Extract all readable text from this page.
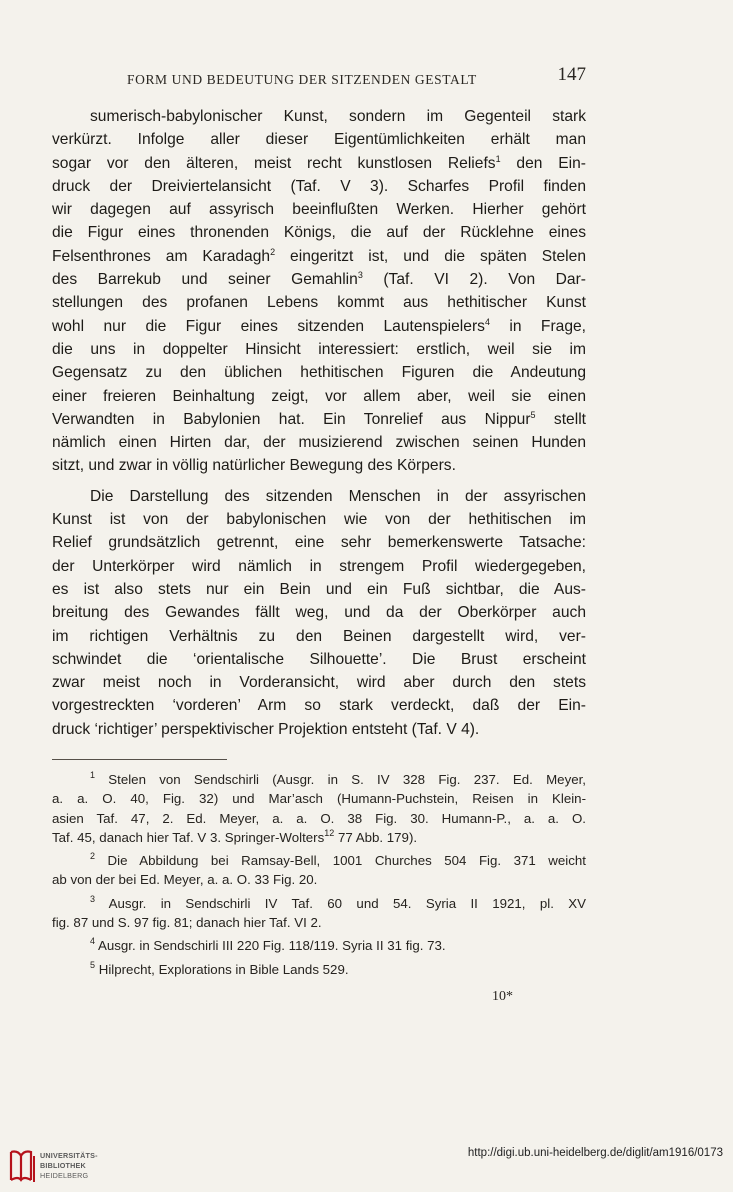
FORM UND BEDEUTUNG DER SITZENDEN GESTALT	147

sumerisch-babylonischer Kunst, sondern im Gegenteil stark
verkürzt. Infolge aller dieser Eigentümlichkeiten erhält man
sogar vor den älteren, meist recht kunstlosen Reliefs$^1$ den Ein-
druck der Dreiviertelansicht (Taf. V 3). Scharfes Profil finden
wir dagegen auf assyrisch beeinflußten Werken. Hierher gehört
die Figur eines thronenden Königs, die auf der Rücklehne eines
Felsenthrones am Karadagh$^2$ eingeritzt ist, und die späten Stelen
des Barrekub und seiner Gemahlin$^3$ (Taf. VI 2). Von Dar-
stellungen des profanen Lebens kommt aus hethitischer Kunst
wohl nur die Figur eines sitzenden Lautenspielers$^4$ in Frage,
die uns in doppelter Hinsicht interessiert: erstlich, weil sie im
Gegensatz zu den üblichen hethitischen Figuren die Andeutung
einer freieren Beinhaltung zeigt, vor allem aber, weil sie einen
Verwandten in Babylonien hat. Ein Tonrelief aus Nippur$^5$ stellt
nämlich einen Hirten dar, der musizierend zwischen seinen Hunden
sitzt, und zwar in völlig natürlicher Bewegung des Körpers.

Die Darstellung des sitzenden Menschen in der assyrischen
Kunst ist von der babylonischen wie von der hethitischen im
Relief grundsätzlich getrennt, eine sehr bemerkenswerte Tatsache:
der Unterkörper wird nämlich in strengem Profil wiedergegeben,
es ist also stets nur ein Bein und ein Fuß sichtbar, die Aus-
breitung des Gewandes fällt weg, und da der Oberkörper auch
im richtigen Verhältnis zu den Beinen dargestellt wird, ver-
schwindet die ‘orientalische Silhouette’. Die Brust erscheint
zwar meist noch in Vorderansicht, wird aber durch den stets
vorgestreckten ‘vorderen’ Arm so stark verdeckt, daß der Ein-
druck ‘richtiger’ perspektivischer Projektion entsteht (Taf. V 4).

$^1$ Stelen von Sendschirli (Ausgr. in S. IV 328 Fig. 237. Ed. Meyer,
a. a. O. 40, Fig. 32) und Mar’asch (Humann-Puchstein, Reisen in Klein-
asien Taf. 47, 2. Ed. Meyer, a. a. O. 38 Fig. 30. Humann-P., a. a. O.
Taf. 45, danach hier Taf. V 3. Springer-Wolters$^{12}$ 77 Abb. 179).

$^2$ Die Abbildung bei Ramsay-Bell, 1001 Churches 504 Fig. 371 weicht
ab von der bei Ed. Meyer, a. a. O. 33 Fig. 20.

$^3$ Ausgr. in Sendschirli IV Taf. 60 und 54. Syria II 1921, pl. XV
fig. 87 und S. 97 fig. 81; danach hier Taf. VI 2.

$^4$ Ausgr. in Sendschirli III 220 Fig. 118/119. Syria II 31 fig. 73.

$^5$ Hilprecht, Explorations in Bible Lands 529.

10*
UNIVERSITÄTS-
BIBLIOTHEK
HEIDELBERG
http://digi.ub.uni-heidelberg.de/diglit/am1916/0173
